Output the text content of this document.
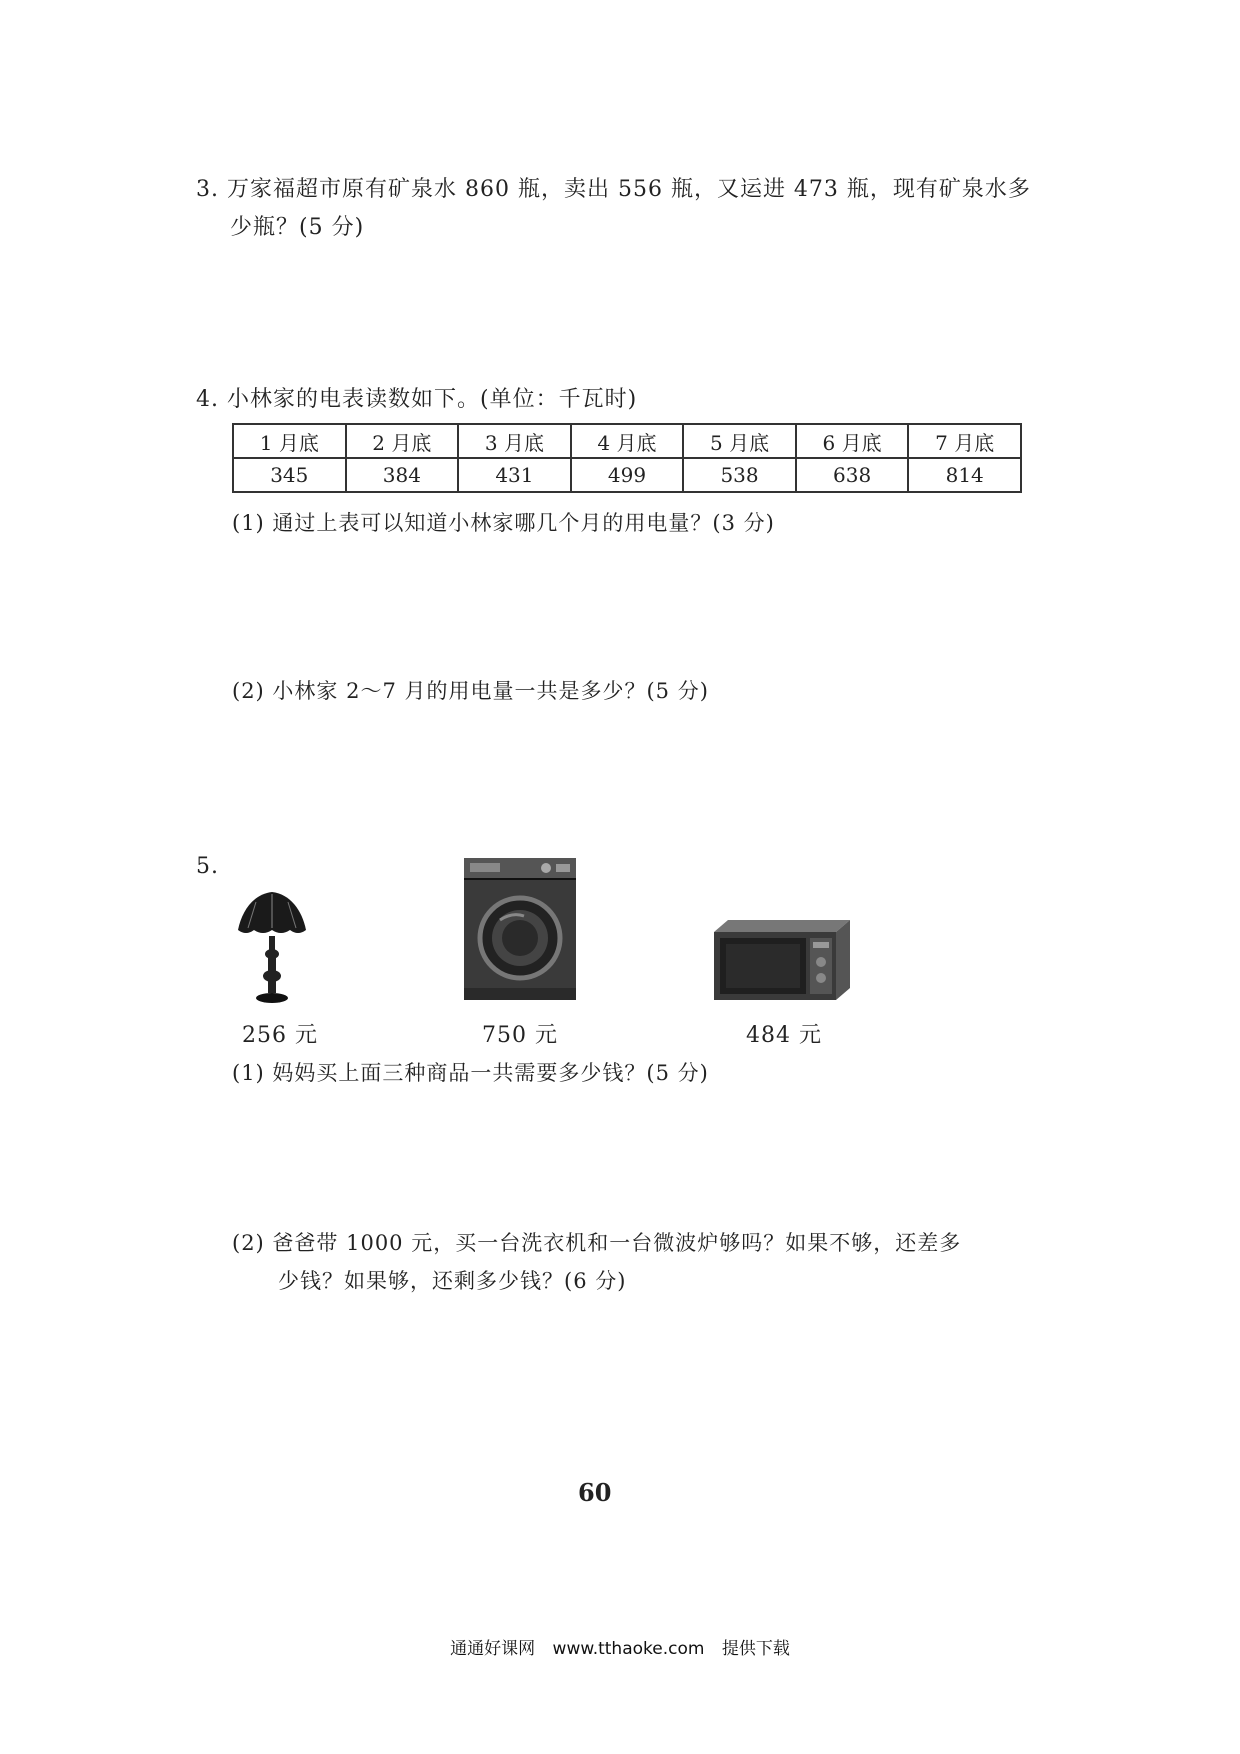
3. 万家福超市原有矿泉水 860 瓶，卖出 556 瓶，又运进 473 瓶，现有矿泉水多
少瓶？(5 分)
4. 小林家的电表读数如下。(单位：千瓦时)
1 月底	2 月底	3 月底	4 月底	5 月底	6 月底	7 月底
345	384	431	499	538	638	814
(1) 通过上表可以知道小林家哪几个月的用电量？(3 分)
(2) 小林家 2～7 月的用电量一共是多少？(5 分)
5.
256 元	750 元	484 元
(1) 妈妈买上面三种商品一共需要多少钱？(5 分)
(2) 爸爸带 1000 元，买一台洗衣机和一台微波炉够吗？如果不够，还差多
少钱？如果够，还剩多少钱？(6 分)
60
通通好课网 www.tthaoke.com 提供下载
